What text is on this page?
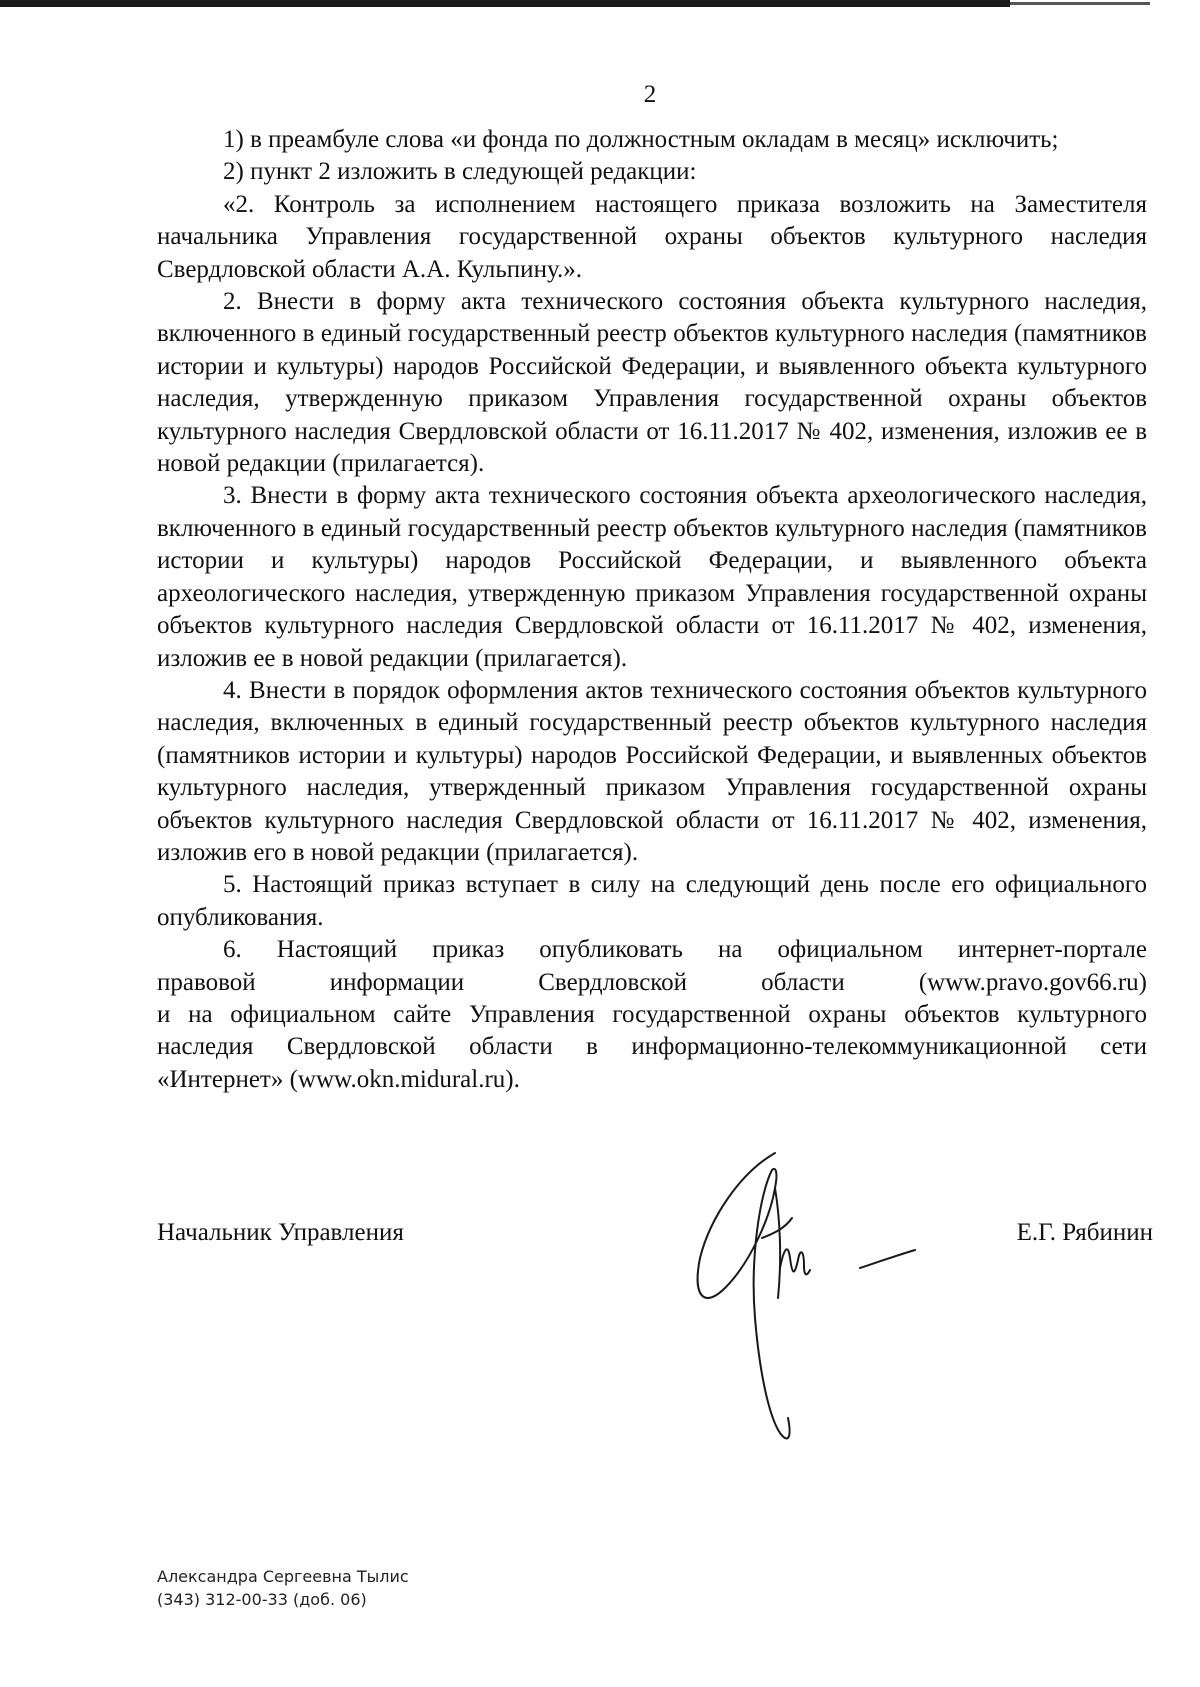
2

1) в преамбуле слова «и фонда по должностным окладам в месяц» исключить;

2) пункт 2 изложить в следующей редакции:

«2. Контроль за исполнением настоящего приказа возложить на Заместителя начальника Управления государственной охраны объектов культурного наследия Свердловской области А.А. Кульпину.».

2. Внести в форму акта технического состояния объекта культурного наследия, включенного в единый государственный реестр объектов культурного наследия (памятников истории и культуры) народов Российской Федерации, и выявленного объекта культурного наследия, утвержденную приказом Управления государственной охраны объектов культурного наследия Свердловской области от 16.11.2017 № 402, изменения, изложив ее в новой редакции (прилагается).

3. Внести в форму акта технического состояния объекта археологического наследия, включенного в единый государственный реестр объектов культурного наследия (памятников истории и культуры) народов Российской Федерации, и выявленного объекта археологического наследия, утвержденную приказом Управления государственной охраны объектов культурного наследия Свердловской области от 16.11.2017 № 402, изменения, изложив ее в новой редакции (прилагается).

4. Внести в порядок оформления актов технического состояния объектов культурного наследия, включенных в единый государственный реестр объектов культурного наследия (памятников истории и культуры) народов Российской Федерации, и выявленных объектов культурного наследия, утвержденный приказом Управления государственной охраны объектов культурного наследия Свердловской области от 16.11.2017 № 402, изменения, изложив его в новой редакции (прилагается).

5. Настоящий приказ вступает в силу на следующий день после его официального опубликования.

6. Настоящий приказ опубликовать на официальном интернет-портале
правовой информации Свердловской области (www.pravo.gov66.ru)
и на официальном сайте Управления государственной охраны объектов культурного
наследия Свердловской области в информационно-телекоммуникационной сети
«Интернет» (www.okn.midural.ru).

Начальник Управления	Е.Г. Рябинин
Александра Сергеевна Тылис
(343) 312-00-33 (доб. 06)
